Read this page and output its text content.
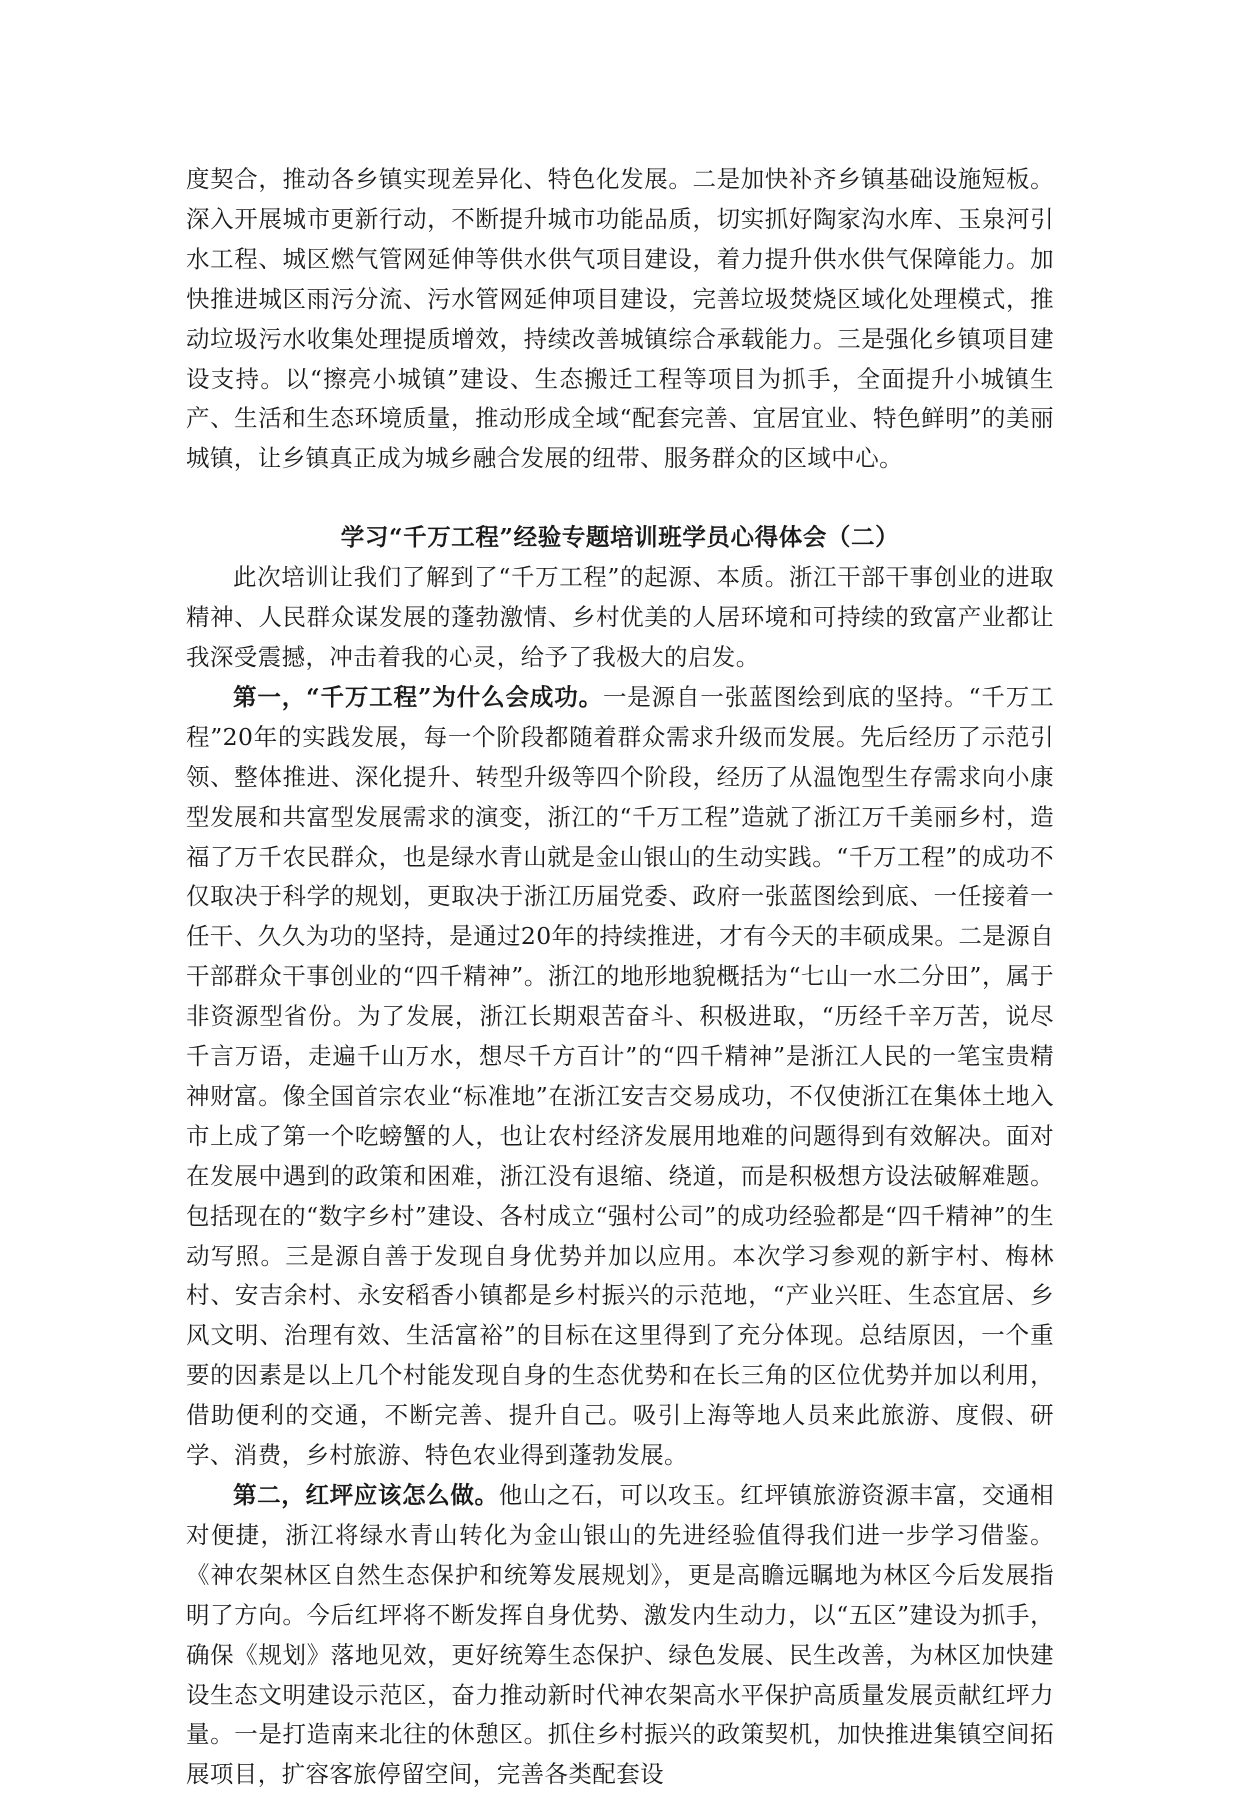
度契合，推动各乡镇实现差异化、特色化发展。二是加快补齐乡镇基础设施短板。深入开展城市更新行动，不断提升城市功能品质，切实抓好陶家沟水库、玉泉河引水工程、城区燃气管网延伸等供水供气项目建设，着力提升供水供气保障能力。加快推进城区雨污分流、污水管网延伸项目建设，完善垃圾焚烧区域化处理模式，推动垃圾污水收集处理提质增效，持续改善城镇综合承载能力。三是强化乡镇项目建设支持。以“擦亮小城镇”建设、生态搬迁工程等项目为抓手，全面提升小城镇生产、生活和生态环境质量，推动形成全域“配套完善、宜居宜业、特色鲜明”的美丽城镇，让乡镇真正成为城乡融合发展的纽带、服务群众的区域中心。

学习“千万工程”经验专题培训班学员心得体会（二）

此次培训让我们了解到了“千万工程”的起源、本质。浙江干部干事创业的进取精神、人民群众谋发展的蓬勃激情、乡村优美的人居环境和可持续的致富产业都让我深受震撼，冲击着我的心灵，给予了我极大的启发。

第一，“千万工程”为什么会成功。一是源自一张蓝图绘到底的坚持。“千万工程”20年的实践发展，每一个阶段都随着群众需求升级而发展。先后经历了示范引领、整体推进、深化提升、转型升级等四个阶段，经历了从温饱型生存需求向小康型发展和共富型发展需求的演变，浙江的“千万工程”造就了浙江万千美丽乡村，造福了万千农民群众，也是绿水青山就是金山银山的生动实践。“千万工程”的成功不仅取决于科学的规划，更取决于浙江历届党委、政府一张蓝图绘到底、一任接着一任干、久久为功的坚持，是通过20年的持续推进，才有今天的丰硕成果。二是源自干部群众干事创业的“四千精神”。浙江的地形地貌概括为“七山一水二分田”，属于非资源型省份。为了发展，浙江长期艰苦奋斗、积极进取，“历经千辛万苦，说尽千言万语，走遍千山万水，想尽千方百计”的“四千精神”是浙江人民的一笔宝贵精神财富。像全国首宗农业“标准地”在浙江安吉交易成功，不仅使浙江在集体土地入市上成了第一个吃螃蟹的人，也让农村经济发展用地难的问题得到有效解决。面对在发展中遇到的政策和困难，浙江没有退缩、绕道，而是积极想方设法破解难题。包括现在的“数字乡村”建设、各村成立“强村公司”的成功经验都是“四千精神”的生动写照。三是源自善于发现自身优势并加以应用。本次学习参观的新宇村、梅林村、安吉余村、永安稻香小镇都是乡村振兴的示范地，“产业兴旺、生态宜居、乡风文明、治理有效、生活富裕”的目标在这里得到了充分体现。总结原因，一个重要的因素是以上几个村能发现自身的生态优势和在长三角的区位优势并加以利用，借助便利的交通，不断完善、提升自己。吸引上海等地人员来此旅游、度假、研学、消费，乡村旅游、特色农业得到蓬勃发展。

第二，红坪应该怎么做。他山之石，可以攻玉。红坪镇旅游资源丰富，交通相对便捷，浙江将绿水青山转化为金山银山的先进经验值得我们进一步学习借鉴。《神农架林区自然生态保护和统筹发展规划》，更是高瞻远瞩地为林区今后发展指明了方向。今后红坪将不断发挥自身优势、激发内生动力，以“五区”建设为抓手，确保《规划》落地见效，更好统筹生态保护、绿色发展、民生改善，为林区加快建设生态文明建设示范区，奋力推动新时代神农架高水平保护高质量发展贡献红坪力量。一是打造南来北往的休憩区。抓住乡村振兴的政策契机，加快推进集镇空间拓展项目，扩容客旅停留空间，完善各类配套设
